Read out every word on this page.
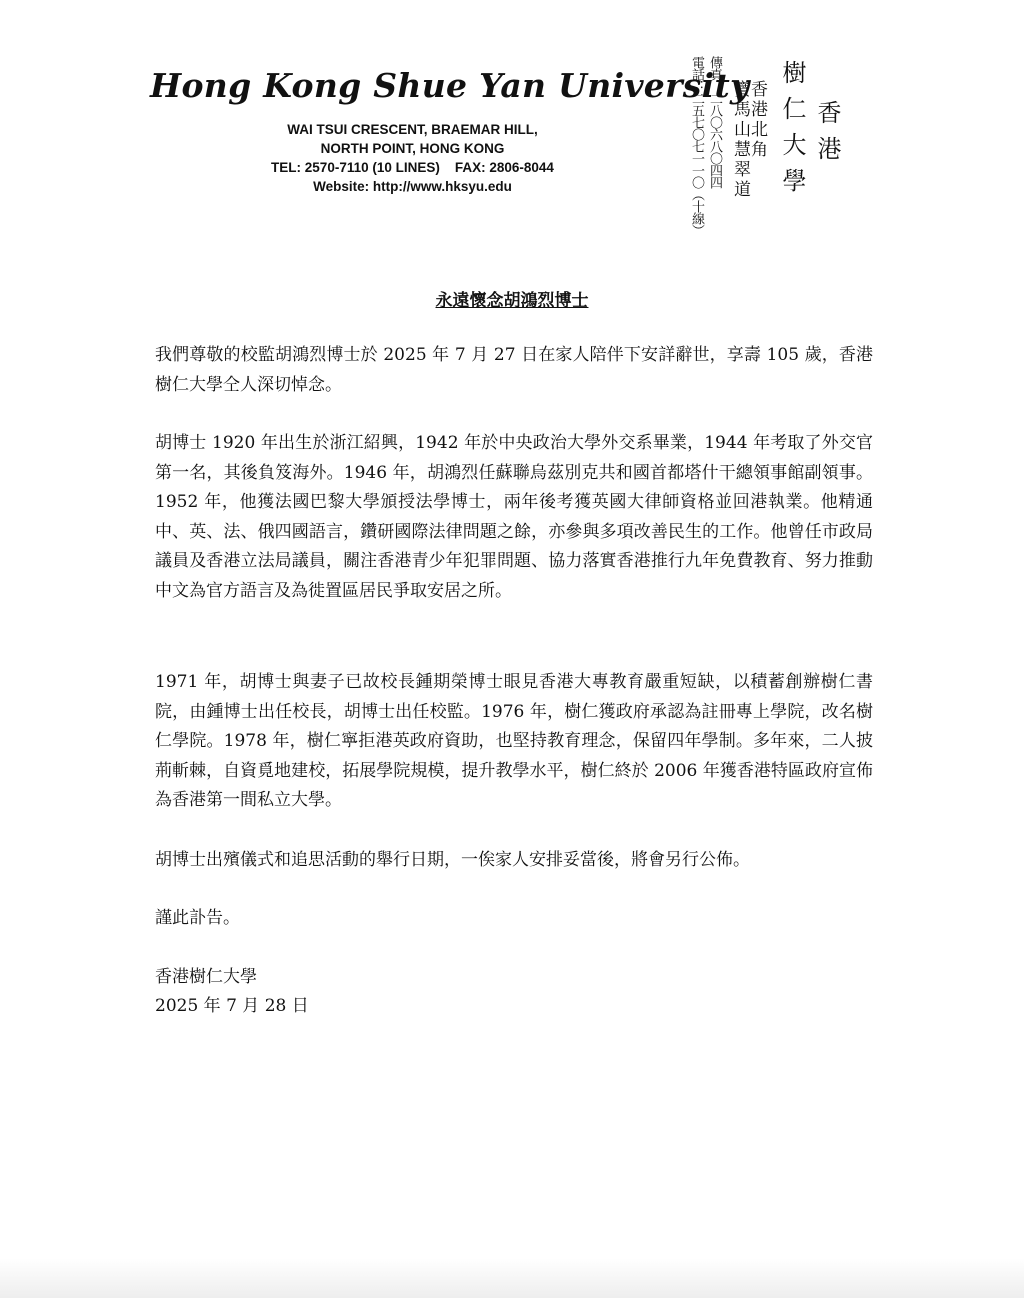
Hong Kong Shue Yan University
WAI TSUI CRESCENT, BRAEMAR HILL,
NORTH POINT, HONG KONG
TEL: 2570-7110 (10 LINES)    FAX: 2806-8044
Website: http://www.hksyu.edu	電話：二五七〇七一一〇（十線） 傳真：二八〇六八〇四四 寶馬山慧翠道
香港北角 樹仁大學 香港
永遠懷念胡鴻烈博士

我們尊敬的校監胡鴻烈博士於 2025 年 7 月 27 日在家人陪伴下安詳辭世，享壽 105 歲，香港樹仁大學仝人深切悼念。

胡博士 1920 年出生於浙江紹興，1942 年於中央政治大學外交系畢業，1944 年考取了外交官第一名，其後負笈海外。1946 年，胡鴻烈任蘇聯烏茲別克共和國首都塔什干總領事館副領事。1952 年，他獲法國巴黎大學頒授法學博士，兩年後考獲英國大律師資格並回港執業。他精通中、英、法、俄四國語言，鑽研國際法律問題之餘，亦參與多項改善民生的工作。他曾任市政局議員及香港立法局議員，關注香港青少年犯罪問題、協力落實香港推行九年免費教育、努力推動中文為官方語言及為徙置區居民爭取安居之所。

1971 年，胡博士與妻子已故校長鍾期榮博士眼見香港大專教育嚴重短缺，以積蓄創辦樹仁書院，由鍾博士出任校長，胡博士出任校監。1976 年，樹仁獲政府承認為註冊專上學院，改名樹仁學院。1978 年，樹仁寧拒港英政府資助，也堅持教育理念，保留四年學制。多年來，二人披荊斬棘，自資覓地建校，拓展學院規模，提升教學水平，樹仁終於 2006 年獲香港特區政府宣佈為香港第一間私立大學。

胡博士出殯儀式和追思活動的舉行日期，一俟家人安排妥當後，將會另行公佈。

謹此訃告。

香港樹仁大學

2025 年 7 月 28 日
